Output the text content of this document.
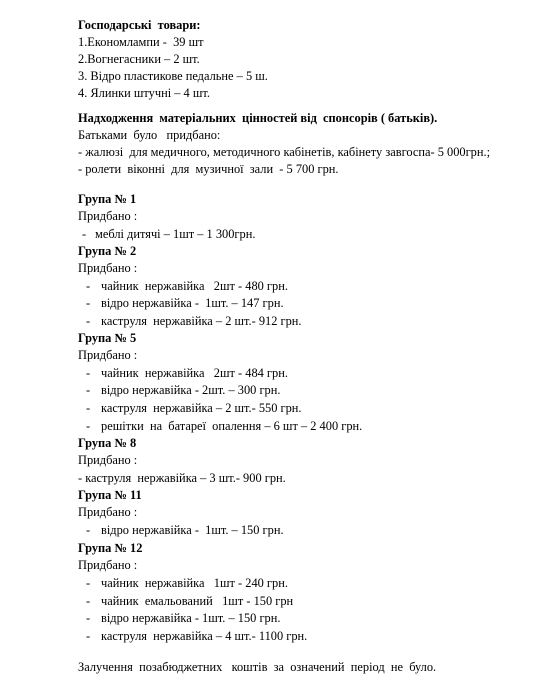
Господарські  товари:
1.Економлампи -  39 шт
2.Вогнегасники – 2 шт.
3. Відро пластикове педальне – 5 ш.
4. Ялинки штучні – 4 шт.
Надходження  матеріальних  цінностей від  спонсорів ( батьків).
Батьками  було   придбано:
- жалюзі  для медичного, методичного кабінетів, кабінету завгоспа- 5 000грн.;
- ролети  віконні  для  музичної  зали  - 5 700 грн.
Група № 1
Придбано :
- меблі дитячі – 1шт – 1 300грн.
Група № 2
Придбано :
- чайник  нержавійка   2шт - 480 грн.
- відро нержавійка -  1шт. – 147 грн.
- каструля  нержавійка – 2 шт.- 912 грн.
Група № 5
Придбано :
- чайник  нержавійка   2шт - 484 грн.
- відро нержавійка - 2шт. – 300 грн.
- каструля  нержавійка – 2 шт.- 550 грн.
- решітки  на  батареї  опалення – 6 шт – 2 400 грн.
Група № 8
Придбано :
- каструля  нержавійка – 3 шт.- 900 грн.
Група № 11
Придбано :
- відро нержавійка -  1шт. – 150 грн.
Група № 12
Придбано :
- чайник  нержавійка   1шт - 240 грн.
- чайник  емальований   1шт - 150 грн
- відро нержавійка - 1шт. – 150 грн.
- каструля  нержавійка – 4 шт.- 1100 грн.
Залучення  позабюджетних   коштів  за  означений  період  не  було.
